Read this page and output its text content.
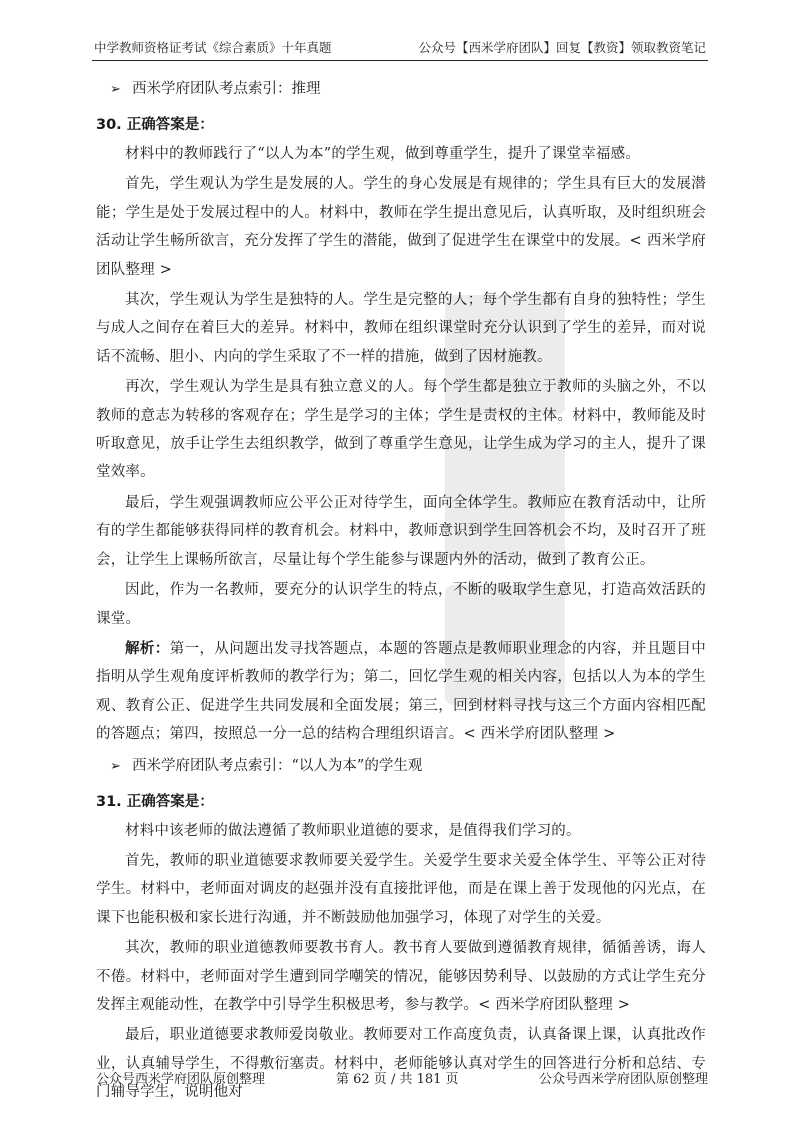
中学教师资格证考试《综合素质》十年真题	公众号【西米学府团队】回复【教资】领取教资笔记
➢ 西米学府团队考点索引：推理
30. 正确答案是：

材料中的教师践行了“以人为本”的学生观，做到尊重学生，提升了课堂幸福感。

首先，学生观认为学生是发展的人。学生的身心发展是有规律的；学生具有巨大的发展潜能；学生是处于发展过程中的人。材料中，教师在学生提出意见后，认真听取，及时组织班会活动让学生畅所欲言，充分发挥了学生的潜能，做到了促进学生在课堂中的发展。< 西米学府团队整理 >

其次，学生观认为学生是独特的人。学生是完整的人；每个学生都有自身的独特性；学生与成人之间存在着巨大的差异。材料中，教师在组织课堂时充分认识到了学生的差异，而对说话不流畅、胆小、内向的学生采取了不一样的措施，做到了因材施教。

再次，学生观认为学生是具有独立意义的人。每个学生都是独立于教师的头脑之外，不以教师的意志为转移的客观存在；学生是学习的主体；学生是责权的主体。材料中，教师能及时听取意见，放手让学生去组织教学，做到了尊重学生意见，让学生成为学习的主人，提升了课堂效率。

最后，学生观强调教师应公平公正对待学生，面向全体学生。教师应在教育活动中，让所有的学生都能够获得同样的教育机会。材料中，教师意识到学生回答机会不均，及时召开了班会，让学生上课畅所欲言，尽量让每个学生能参与课题内外的活动，做到了教育公正。

因此，作为一名教师，要充分的认识学生的特点，不断的吸取学生意见，打造高效活跃的课堂。

解析：第一，从问题出发寻找答题点，本题的答题点是教师职业理念的内容，并且题目中指明从学生观角度评析教师的教学行为；第二，回忆学生观的相关内容，包括以人为本的学生观、教育公正、促进学生共同发展和全面发展；第三，回到材料寻找与这三个方面内容相匹配的答题点；第四，按照总一分一总的结构合理组织语言。< 西米学府团队整理 >

➢ 西米学府团队考点索引：“以人为本”的学生观
31. 正确答案是：

材料中该老师的做法遵循了教师职业道德的要求，是值得我们学习的。

首先，教师的职业道德要求教师要关爱学生。关爱学生要求关爱全体学生、平等公正对待学生。材料中，老师面对调皮的赵强并没有直接批评他，而是在课上善于发现他的闪光点，在课下也能积极和家长进行沟通，并不断鼓励他加强学习，体现了对学生的关爱。

其次，教师的职业道德教师要教书育人。教书育人要做到遵循教育规律，循循善诱，诲人不倦。材料中，老师面对学生遭到同学嘲笑的情况，能够因势利导、以鼓励的方式让学生充分发挥主观能动性，在教学中引导学生积极思考，参与教学。< 西米学府团队整理 >

最后，职业道德要求教师爱岗敬业。教师要对工作高度负责，认真备课上课，认真批改作业，认真辅导学生，不得敷衍塞责。材料中，老师能够认真对学生的回答进行分析和总结、专门辅导学生，说明他对

公众号西米学府团队原创整理	第 62 页 / 共 181 页	公众号西米学府团队原创整理
